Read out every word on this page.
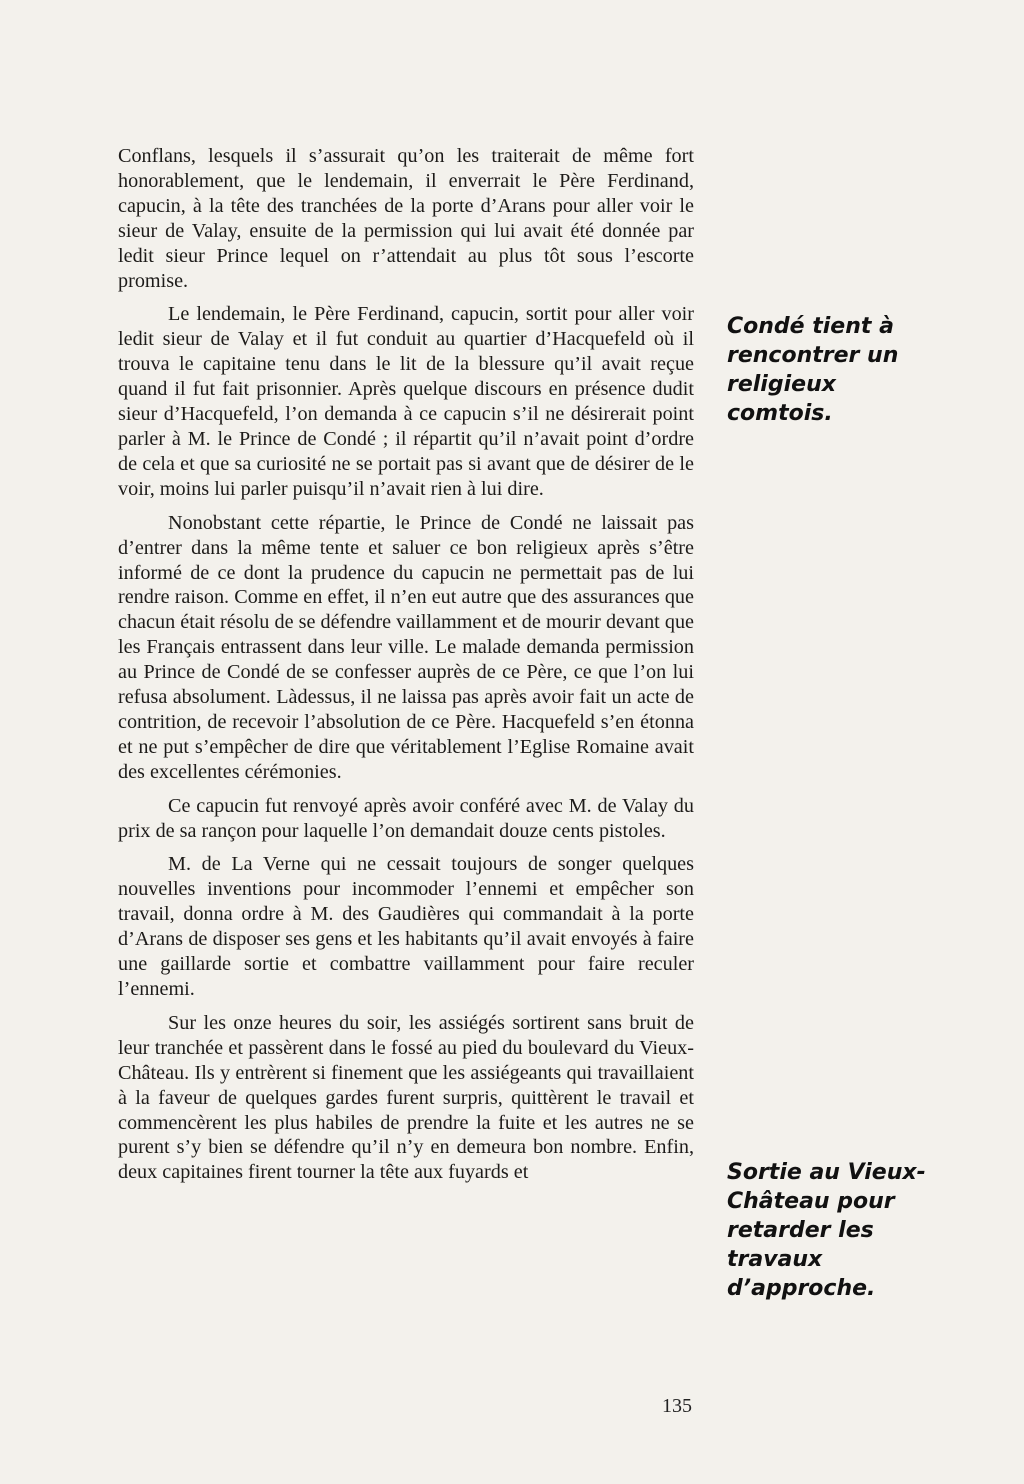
Conflans, lesquels il s’assurait qu’on les traiterait de même fort honorablement, que le lendemain, il enverrait le Père Ferdinand, capucin, à la tête des tranchées de la porte d’Arans pour aller voir le sieur de Valay, ensuite de la permission qui lui avait été donnée par ledit sieur Prince lequel on r’attendait au plus tôt sous l’escorte promise.

Le lendemain, le Père Ferdinand, capucin, sortit pour aller voir ledit sieur de Valay et il fut conduit au quartier d’Hacquefeld où il trouva le capitaine tenu dans le lit de la blessure qu’il avait reçue quand il fut fait prisonnier. Après quelque discours en présence dudit sieur d’Hacquefeld, l’on demanda à ce capucin s’il ne désirerait point parler à M. le Prince de Condé ; il répartit qu’il n’avait point d’ordre de cela et que sa curiosité ne se portait pas si avant que de désirer de le voir, moins lui parler puisqu’il n’avait rien à lui dire.

Nonobstant cette répartie, le Prince de Condé ne laissait pas d’entrer dans la même tente et saluer ce bon religieux après s’être informé de ce dont la prudence du capucin ne permettait pas de lui rendre raison. Comme en effet, il n’en eut autre que des assurances que chacun était résolu de se défendre vaillamment et de mourir devant que les Français entrassent dans leur ville. Le malade demanda permission au Prince de Condé de se confesser auprès de ce Père, ce que l’on lui refusa absolument. Làdessus, il ne laissa pas après avoir fait un acte de contrition, de recevoir l’absolution de ce Père. Hacquefeld s’en étonna et ne put s’empêcher de dire que véritablement l’Eglise Romaine avait des excellentes cérémonies.

Ce capucin fut renvoyé après avoir conféré avec M. de Valay du prix de sa rançon pour laquelle l’on demandait douze cents pistoles.

M. de La Verne qui ne cessait toujours de songer quelques nouvelles inventions pour incommoder l’ennemi et empêcher son travail, donna ordre à M. des Gaudières qui commandait à la porte d’Arans de disposer ses gens et les habitants qu’il avait envoyés à faire une gaillarde sortie et combattre vaillamment pour faire reculer l’ennemi.

Sur les onze heures du soir, les assiégés sortirent sans bruit de leur tranchée et passèrent dans le fossé au pied du boulevard du Vieux-Château. Ils y entrèrent si finement que les assiégeants qui travaillaient à la faveur de quelques gardes furent surpris, quittèrent le travail et commencèrent les plus habiles de prendre la fuite et les autres ne se purent s’y bien se défendre qu’il n’y en demeura bon nombre. Enfin, deux capitaines firent tourner la tête aux fuyards et

Condé tient à
rencontrer un
religieux
comtois.
Sortie au Vieux-
Château pour
retarder les
travaux
d’approche.
135
